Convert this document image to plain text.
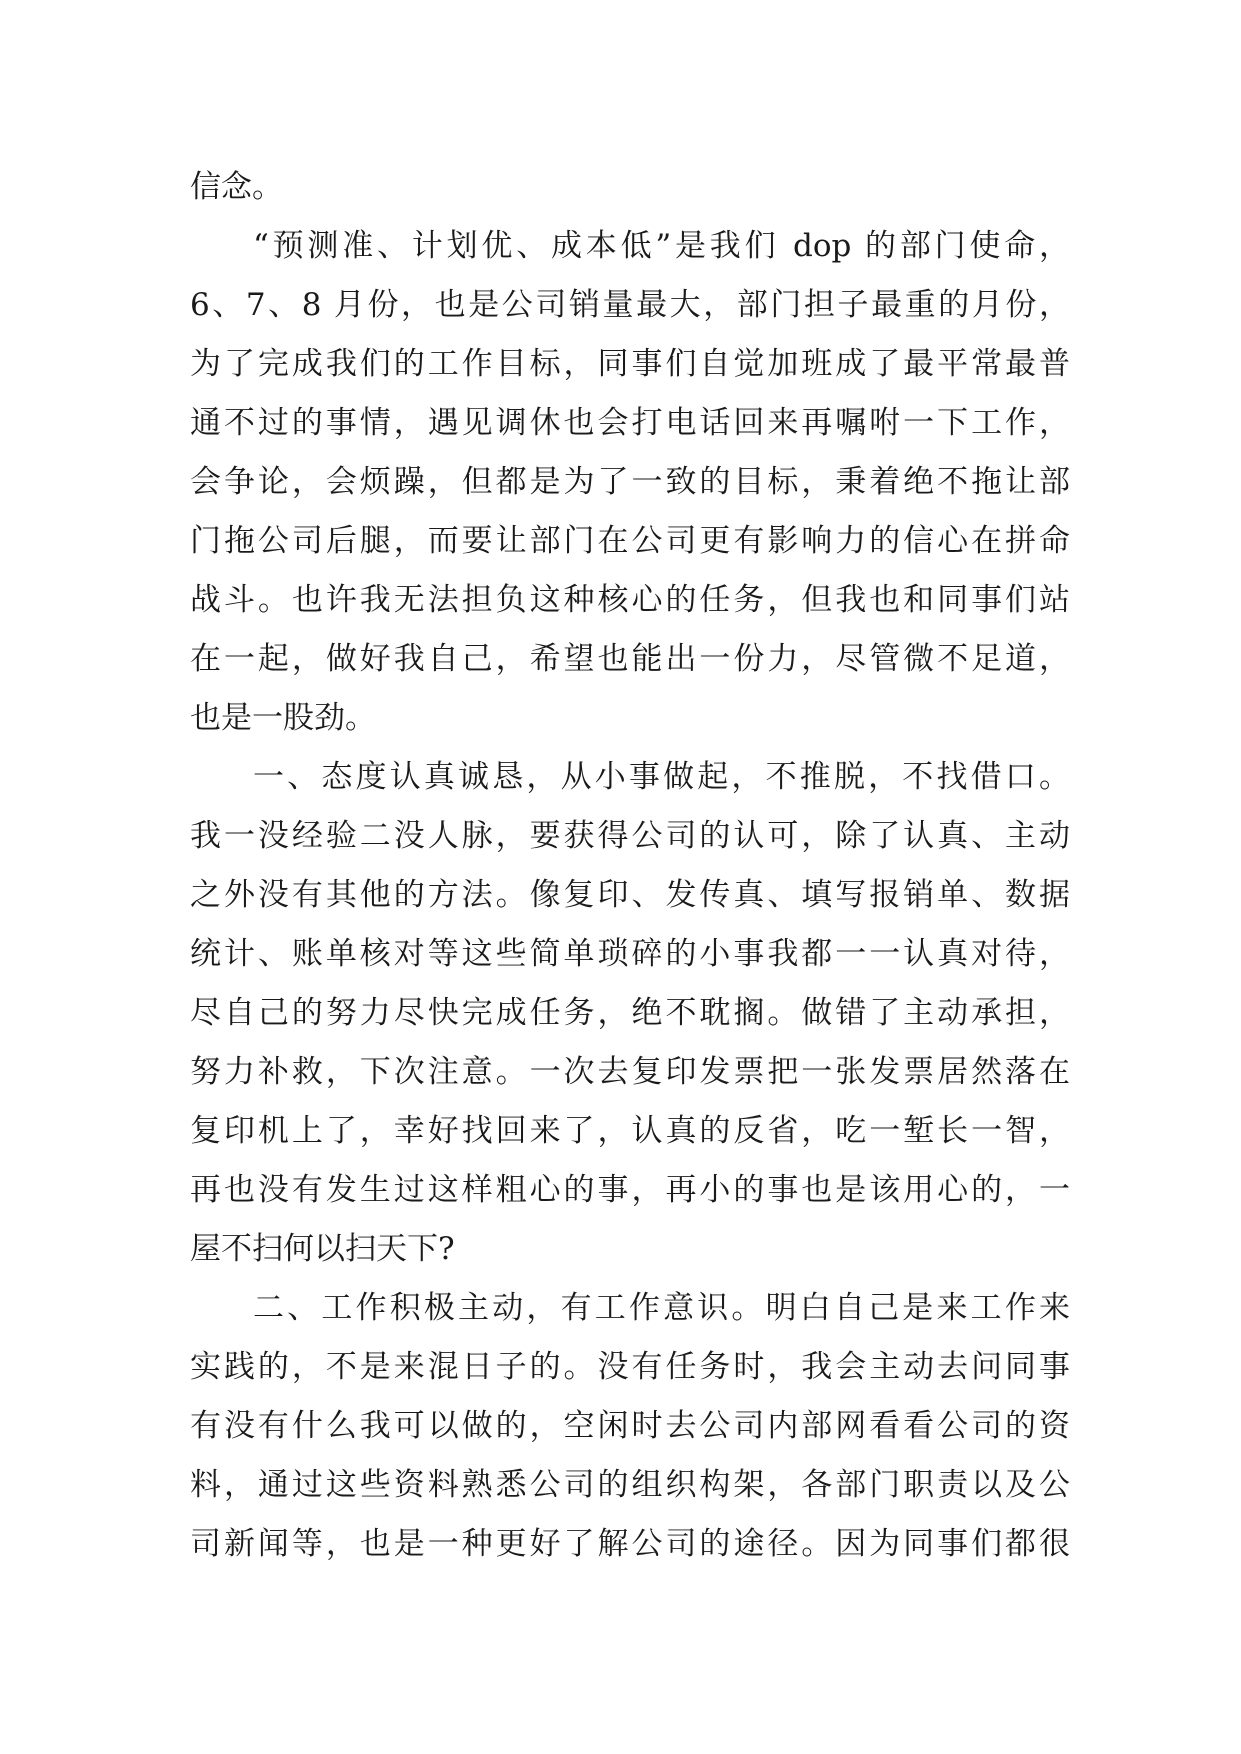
信念。
“预测准、计划优、成本低”是我们 dop 的部门使命，
6、7、8 月份，也是公司销量最大，部门担子最重的月份，
为了完成我们的工作目标，同事们自觉加班成了最平常最普
通不过的事情，遇见调休也会打电话回来再嘱咐一下工作，
会争论，会烦躁，但都是为了一致的目标，秉着绝不拖让部
门拖公司后腿，而要让部门在公司更有影响力的信心在拼命
战斗。也许我无法担负这种核心的任务，但我也和同事们站
在一起，做好我自己，希望也能出一份力，尽管微不足道，
也是一股劲。
一、态度认真诚恳，从小事做起，不推脱，不找借口。
我一没经验二没人脉，要获得公司的认可，除了认真、主动
之外没有其他的方法。像复印、发传真、填写报销单、数据
统计、账单核对等这些简单琐碎的小事我都一一认真对待，
尽自己的努力尽快完成任务，绝不耽搁。做错了主动承担，
努力补救，下次注意。一次去复印发票把一张发票居然落在
复印机上了，幸好找回来了，认真的反省，吃一堑长一智，
再也没有发生过这样粗心的事，再小的事也是该用心的，一
屋不扫何以扫天下?
二、工作积极主动，有工作意识。明白自己是来工作来
实践的，不是来混日子的。没有任务时，我会主动去问同事
有没有什么我可以做的，空闲时去公司内部网看看公司的资
料，通过这些资料熟悉公司的组织构架，各部门职责以及公
司新闻等，也是一种更好了解公司的途径。因为同事们都很
